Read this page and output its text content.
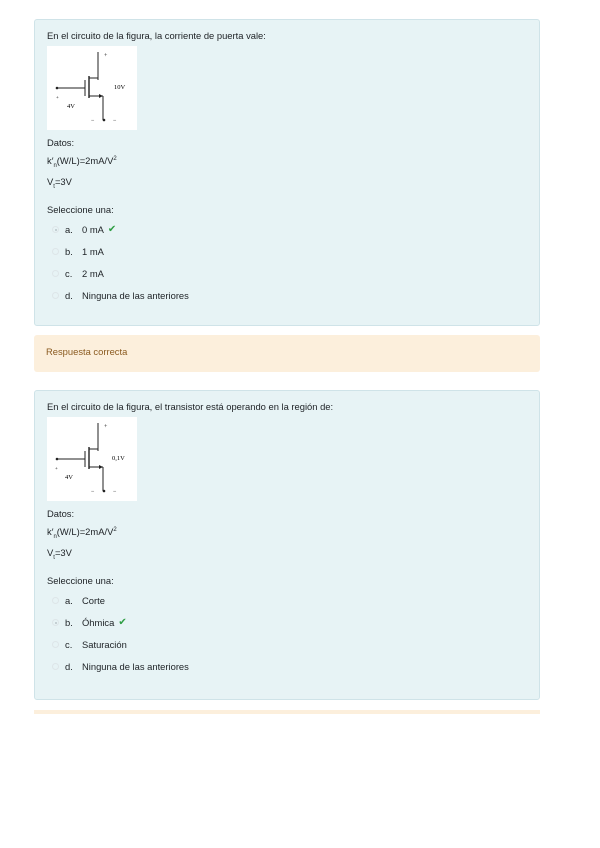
En el circuito de la figura, la corriente de puerta vale:
+
+
4V
10V
−	−
Datos:
$k'_n(W/L)=2mA/V^2$
$V_t=3V$
Seleccione una:
a. 0 mA ✔
b. 1 mA
c.	2 mA
d. Ninguna de las anteriores
Respuesta correcta
En el circuito de la figura, el transistor está operando en la región de:
+
+
4V
0,1V
−	−
Datos:
$k'_n(W/L)=2mA/V^2$
$V_t=3V$
Seleccione una:
a. Corte
b. Óhmica ✔
c.	Saturación
d. Ninguna de las anteriores
